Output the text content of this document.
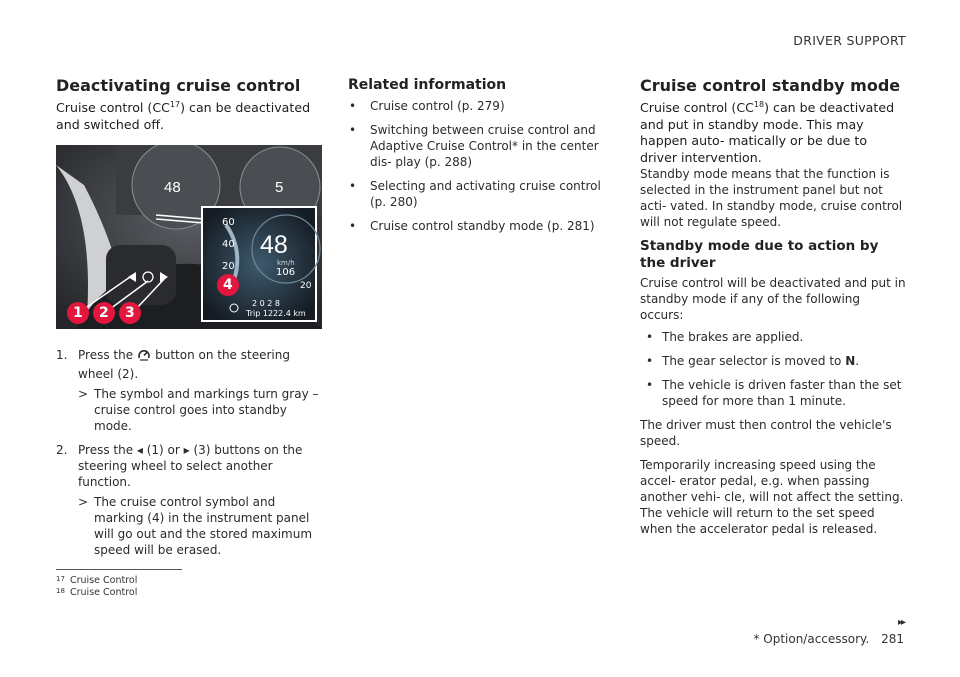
DRIVER SUPPORT
Deactivating cruise control

Cruise control (CC$^{17}$) can be deactivated and switched off.

48	5
60
40
20
48
km/h
106
20
2 0 2 8
Trip 1222.4 km
1 2 3
4
1. Press the button on the steering wheel (2).
> The symbol and markings turn gray – cruise control goes into standby mode.
2. Press the ◂ (1) or ▸ (3) buttons on the steering wheel to select another function.
> The cruise control symbol and marking (4) in the instrument panel will go out and the stored maximum speed will be erased.
Related information
• Cruise control (p. 279)
• Switching between cruise control and Adaptive Cruise Control* in the center dis- play (p. 288)
• Selecting and activating cruise control (p. 280)
• Cruise control standby mode (p. 281)
Cruise control standby mode

Cruise control (CC$^{18}$) can be deactivated and put in standby mode. This may happen auto- matically or be due to driver intervention.

Standby mode means that the function is selected in the instrument panel but not acti- vated. In standby mode, cruise control will not regulate speed.

Standby mode due to action by the driver

Cruise control will be deactivated and put in standby mode if any of the following occurs:

• The brakes are applied.
• The gear selector is moved to N.
• The vehicle is driven faster than the set speed for more than 1 minute.

The driver must then control the vehicle's speed.

Temporarily increasing speed using the accel- erator pedal, e.g. when passing another vehi- cle, will not affect the setting. The vehicle will return to the set speed when the accelerator pedal is released.

17 Cruise Control
18 Cruise Control
▸▸
* Option/accessory. 281
